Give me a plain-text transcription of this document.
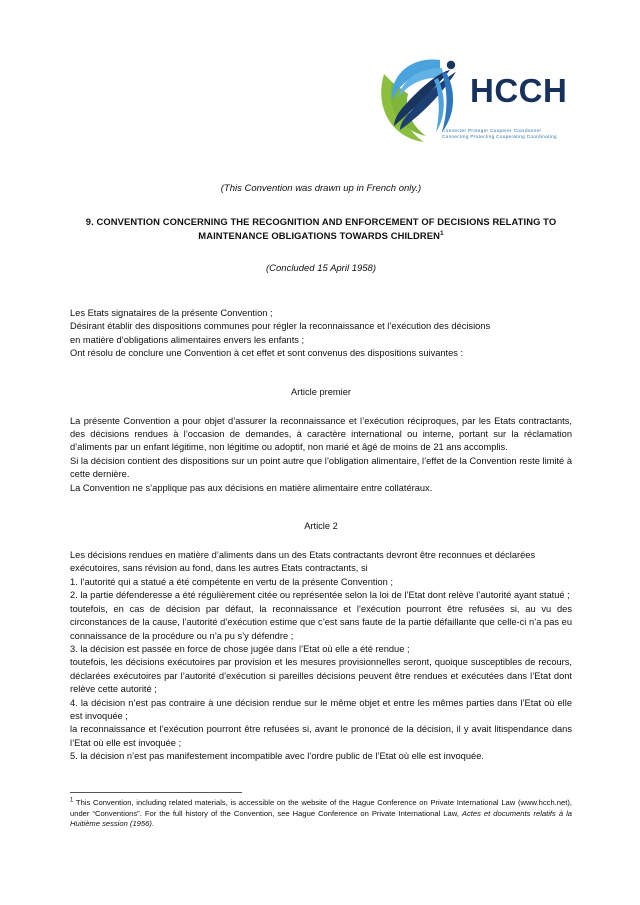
HCCH
Connecter Proteger Cooperer Coordonner
Connecting Protecting Cooperating Coordinating
(This Convention was drawn up in French only.)
9. CONVENTION CONCERNING THE RECOGNITION AND ENFORCEMENT OF DECISIONS RELATING TO MAINTENANCE OBLIGATIONS TOWARDS CHILDREN$^1$
(Concluded 15 April 1958)
Les Etats signataires de la présente Convention ;
Désirant établir des dispositions communes pour régler la reconnaissance et l’exécution des décisions
en matière d’obligations alimentaires envers les enfants ;
Ont résolu de conclure une Convention à cet effet et sont convenus des dispositions suivantes :
Article premier

La présente Convention a pour objet d’assurer la reconnaissance et l’exécution réciproques, par les Etats contractants, des décisions rendues à l’occasion de demandes, à caractère international ou interne, portant sur la réclamation d’aliments par un enfant légitime, non légitime ou adoptif, non marié et âgé de moins de 21 ans accomplis.

Si la décision contient des dispositions sur un point autre que l’obligation alimentaire, l’effet de la Convention reste limité à cette dernière.

La Convention ne s’applique pas aux décisions en matière alimentaire entre collatéraux.

Article 2

Les décisions rendues en matière d’aliments dans un des Etats contractants devront être reconnues et déclarées exécutoires, sans révision au fond, dans les autres Etats contractants, si

1. l’autorité qui a statué a été compétente en vertu de la présente Convention ;

2. la partie défenderesse a été régulièrement citée ou représentée selon la loi de l’Etat dont relève l’autorité ayant statué ;

toutefois, en cas de décision par défaut, la reconnaissance et l’exécution pourront être refusées si, au vu des circonstances de la cause, l’autorité d’exécution estime que c’est sans faute de la partie défaillante que celle-ci n’a pas eu connaissance de la procédure ou n’a pu s’y défendre ;

3. la décision est passée en force de chose jugée dans l’Etat où elle a été rendue ;

toutefois, les décisions exécutoires par provision et les mesures provisionnelles seront, quoique susceptibles de recours, déclarées exécutoires par l’autorité d’exécution si pareilles décisions peuvent être rendues et exécutées dans l’Etat dont relève cette autorité ;

4. la décision n’est pas contraire à une décision rendue sur le même objet et entre les mêmes parties dans l’Etat où elle est invoquée ;

la reconnaissance et l’exécution pourront être refusées si, avant le prononcé de la décision, il y avait litispendance dans l’Etat où elle est invoquée ;

5. la décision n’est pas manifestement incompatible avec l’ordre public de l’Etat où elle est invoquée.

$^1$ This Convention, including related materials, is accessible on the website of the Hague Conference on Private International Law (www.hcch.net), under “Conventions”. For the full history of the Convention, see Hague Conference on Private International Law, Actes et documents relatifs à la Huitième session (1956).
